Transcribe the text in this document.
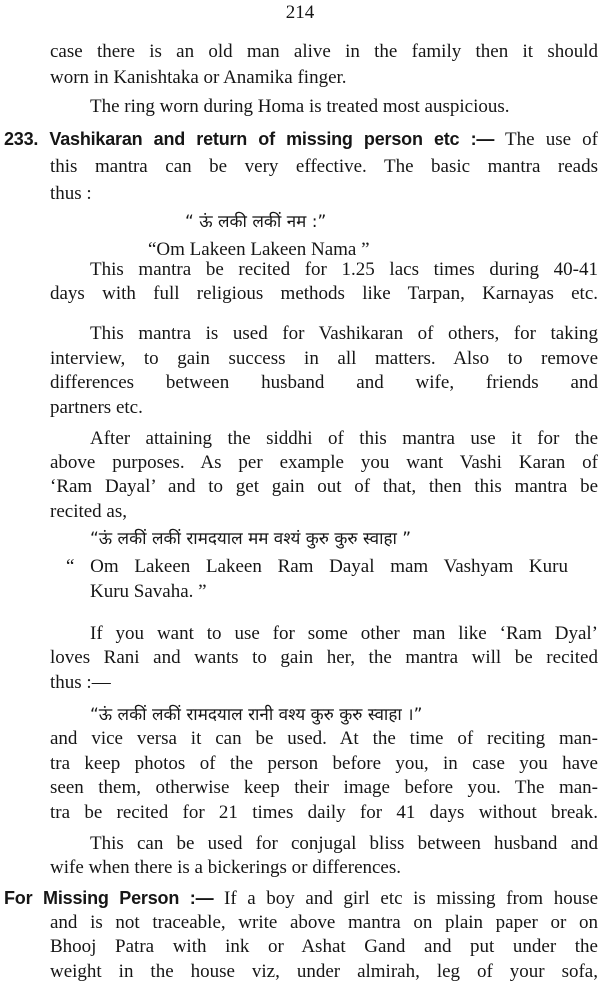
214
case there is an old man alive in the family then it should
worn in Kanishtaka or Anamika finger.
The ring worn during Homa is treated most auspicious.
233. Vashikaran and return of missing person etc :— The use of
this mantra can be very effective. The basic mantra reads
thus :
“ ऊं लकी लकीं नम :”
“Om Lakeen Lakeen Nama ”
This mantra be recited for 1.25 lacs times during 40-41
days with full religious methods like Tarpan, Karnayas etc.
This mantra is used for Vashikaran of others, for taking
interview, to gain success in all matters. Also to remove
differences between husband and wife, friends and
partners etc.
After attaining the siddhi of this mantra use it for the
above purposes. As per example you want Vashi Karan of
‘Ram Dayal’ and to get gain out of that, then this mantra be
recited as,
“ऊं लकीं लकीं रामदयाल मम वश्यं कुरु कुरु स्वाहा ”
“ Om Lakeen Lakeen Ram Dayal mam Vashyam Kuru
Kuru Savaha. ”
If you want to use for some other man like ‘Ram Dyal’
loves Rani and wants to gain her, the mantra will be recited
thus :—
“ऊं लकीं लकीं रामदयाल रानी वश्य कुरु कुरु स्वाहा ।”
and vice versa it can be used. At the time of reciting man-
tra keep photos of the person before you, in case you have
seen them, otherwise keep their image before you. The man-
tra be recited for 21 times daily for 41 days without break.
This can be used for conjugal bliss between husband and
wife when there is a bickerings or differences.
For Missing Person :— If a boy and girl etc is missing from house
and is not traceable, write above mantra on plain paper or on
Bhooj Patra with ink or Ashat Gand and put under the
weight in the house viz, under almirah, leg of your sofa,
